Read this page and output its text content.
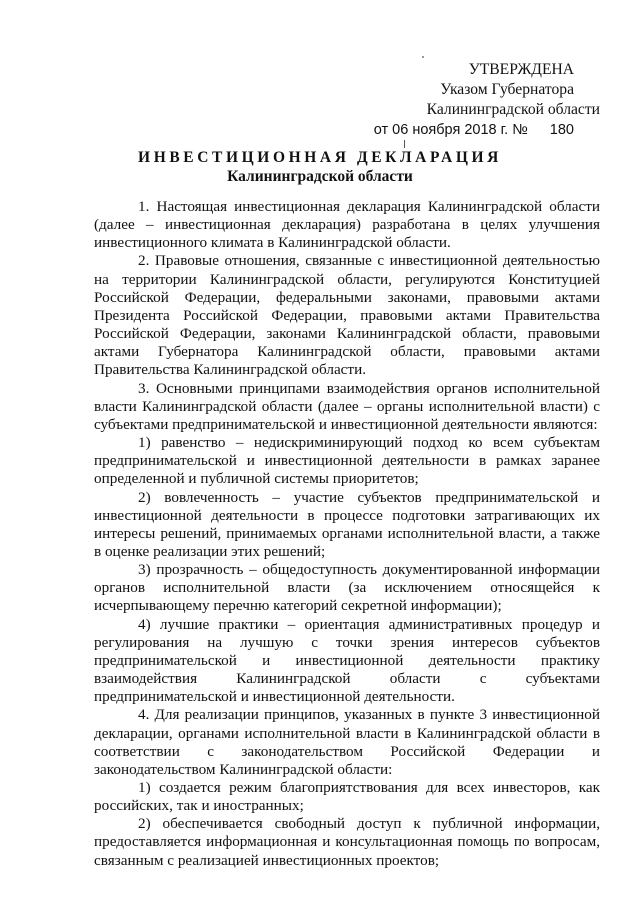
УТВЕРЖДЕНА
Указом Губернатора
Калининградской области
от 06 ноября 2018 г. № 180
ИНВЕСТИЦИОННАЯ ДЕКЛАРАЦИЯ
Калининградской области

1. Настоящая инвестиционная декларация Калининградской области (далее – инвестиционная декларация) разработана в целях улучшения инвестиционного климата в Калининградской области.

2. Правовые отношения, связанные с инвестиционной деятельностью на территории Калининградской области, регулируются Конституцией Российской Федерации, федеральными законами, правовыми актами Президента Российской Федерации, правовыми актами Правительства Российской Федерации, законами Калининградской области, правовыми актами Губернатора Калининградской области, правовыми актами Правительства Калининградской области.

3. Основными принципами взаимодействия органов исполнительной власти Калининградской области (далее – органы исполнительной власти) с субъектами предпринимательской и инвестиционной деятельности являются:

1) равенство – недискриминирующий подход ко всем субъектам предпринимательской и инвестиционной деятельности в рамках заранее определенной и публичной системы приоритетов;

2) вовлеченность – участие субъектов предпринимательской и инвестиционной деятельности в процессе подготовки затрагивающих их интересы решений, принимаемых органами исполнительной власти, а также в оценке реализации этих решений;

3) прозрачность – общедоступность документированной информации органов исполнительной власти (за исключением относящейся к исчерпывающему перечню категорий секретной информации);

4) лучшие практики – ориентация административных процедур и регулирования на лучшую с точки зрения интересов субъектов предпринимательской и инвестиционной деятельности практику взаимодействия Калининградской области с субъектами предпринимательской и инвестиционной деятельности.

4. Для реализации принципов, указанных в пункте 3 инвестиционной декларации, органами исполнительной власти в Калининградской области в соответствии с законодательством Российской Федерации и законодательством Калининградской области:

1) создается режим благоприятствования для всех инвесторов, как российских, так и иностранных;

2) обеспечивается свободный доступ к публичной информации, предоставляется информационная и консультационная помощь по вопросам, связанным с реализацией инвестиционных проектов;
